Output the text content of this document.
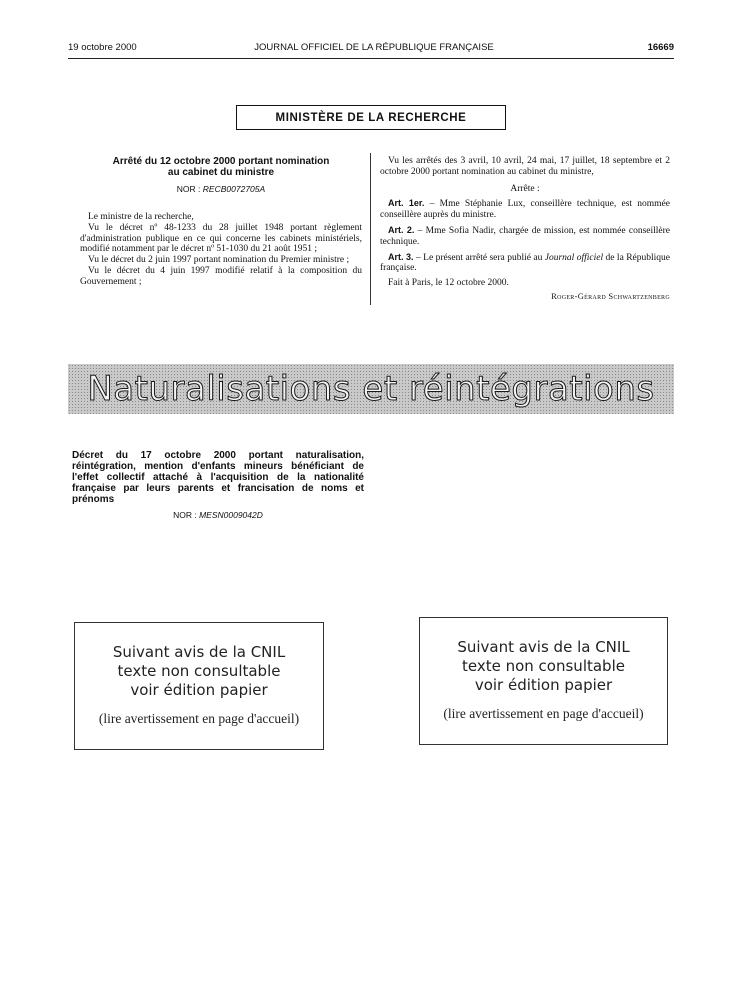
19 octobre 2000	JOURNAL OFFICIEL DE LA RÉPUBLIQUE FRANÇAISE	16669
MINISTÈRE DE LA RECHERCHE
Arrêté du 12 octobre 2000 portant nomination
au cabinet du ministre
NOR : RECB0072705A

Le ministre de la recherche,

Vu le décret nº 48-1233 du 28 juillet 1948 portant règlement d'administration publique en ce qui concerne les cabinets ministériels, modifié notamment par le décret nº 51-1030 du 21 août 1951 ;

Vu le décret du 2 juin 1997 portant nomination du Premier ministre ;

Vu le décret du 4 juin 1997 modifié relatif à la composition du Gouvernement ;

Vu les arrêtés des 3 avril, 10 avril, 24 mai, 17 juillet, 18 septembre et 2 octobre 2000 portant nomination au cabinet du ministre,

Arrête :

Art. 1er. – Mme Stéphanie Lux, conseillère technique, est nommée conseillère auprès du ministre.

Art. 2. – Mme Sofia Nadir, chargée de mission, est nommée conseillère technique.

Art. 3. – Le présent arrêté sera publié au Journal officiel de la République française.

Fait à Paris, le 12 octobre 2000.

Roger-Gérard Schwartzenberg

Naturalisations et réintégrations
Décret du 17 octobre 2000 portant naturalisation, réintégration, mention d'enfants mineurs bénéficiant de l'effet collectif attaché à l'acquisition de la nationalité française par leurs parents et francisation de noms et prénoms
NOR : MESN0009042D
Suivant avis de la CNIL
texte non consultable
voir édition papier
(lire avertissement en page d'accueil)
Suivant avis de la CNIL
texte non consultable
voir édition papier
(lire avertissement en page d'accueil)
